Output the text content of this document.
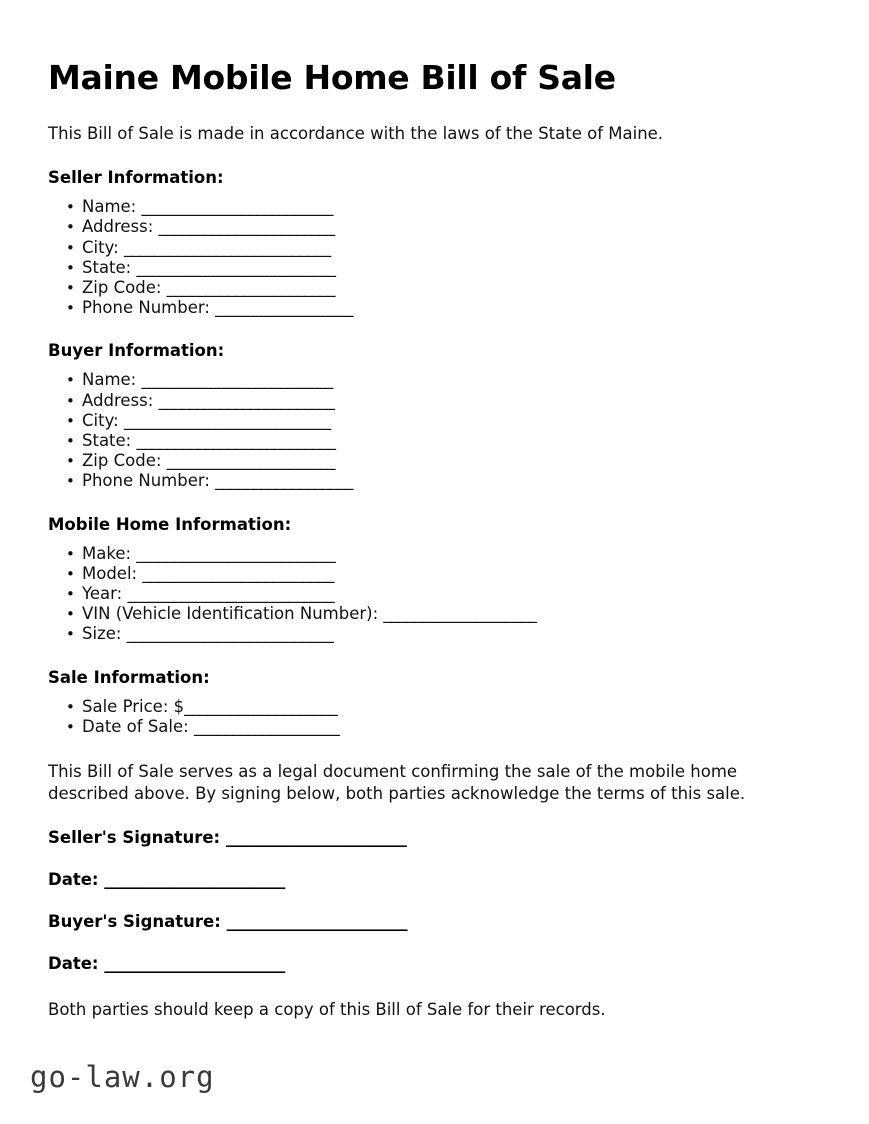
Maine Mobile Home Bill of Sale

This Bill of Sale is made in accordance with the laws of the State of Maine.

Seller Information:
• Name: _________________________
• Address: _______________________
• City: ___________________________
• State: __________________________
• Zip Code: ______________________
• Phone Number: __________________
Buyer Information:
• Name: _________________________
• Address: _______________________
• City: ___________________________
• State: __________________________
• Zip Code: ______________________
• Phone Number: __________________
Mobile Home Information:
• Make: __________________________
• Model: _________________________
• Year: ___________________________
• VIN (Vehicle Identification Number): ____________________
• Size: ___________________________
Sale Information:
• Sale Price: $____________________
• Date of Sale: ___________________

This Bill of Sale serves as a legal document confirming the sale of the mobile home described above. By signing below, both parties acknowledge the terms of this sale.

Seller's Signature: _______________________

Date: _______________________

Buyer's Signature: _______________________

Date: _______________________

Both parties should keep a copy of this Bill of Sale for their records.

go-law.org
